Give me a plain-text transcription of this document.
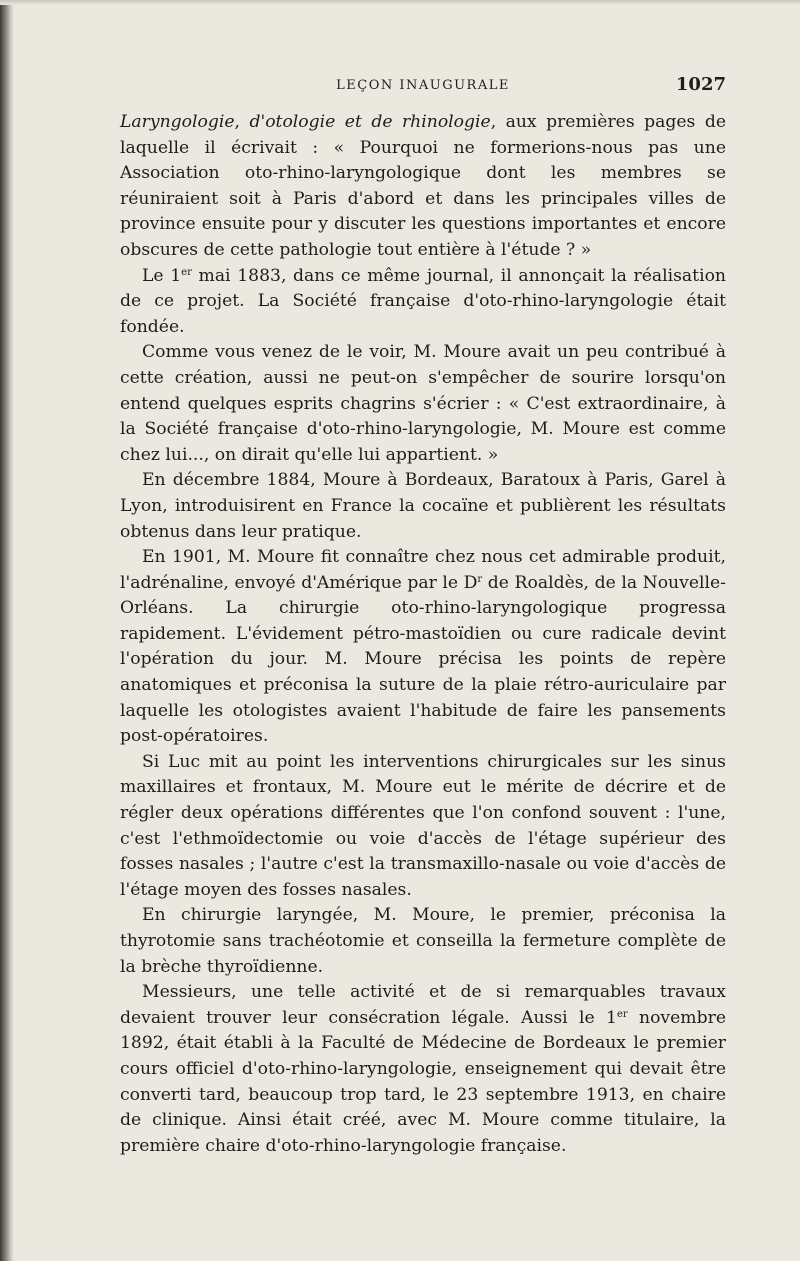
LEÇON INAUGURALE	1027

Laryngologie, d'otologie et de rhinologie, aux premières pages de laquelle il écrivait : « Pourquoi ne formerions-nous pas une Association oto-rhino-laryngologique dont les membres se réuniraient soit à Paris d'abord et dans les principales villes de province ensuite pour y discuter les questions importantes et encore obscures de cette pathologie tout entière à l'étude ? »

Le 1er mai 1883, dans ce même journal, il annonçait la réalisation de ce projet. La Société française d'oto-rhino-laryngologie était fondée.

Comme vous venez de le voir, M. Moure avait un peu contribué à cette création, aussi ne peut-on s'empêcher de sourire lorsqu'on entend quelques esprits chagrins s'écrier : « C'est extraordinaire, à la Société française d'oto-rhino-laryngologie, M. Moure est comme chez lui..., on dirait qu'elle lui appartient. »

En décembre 1884, Moure à Bordeaux, Baratoux à Paris, Garel à Lyon, introduisirent en France la cocaïne et publièrent les résultats obtenus dans leur pratique.

En 1901, M. Moure fit connaître chez nous cet admirable produit, l'adrénaline, envoyé d'Amérique par le $D^r$ de Roaldès, de la Nouvelle-Orléans. La chirurgie oto-rhino-laryngologique progressa rapidement. L'évidement pétro-mastoïdien ou cure radicale devint l'opération du jour. M. Moure précisa les points de repère anatomiques et préconisa la suture de la plaie rétro-auriculaire par laquelle les otologistes avaient l'habitude de faire les pansements post-opératoires.

Si Luc mit au point les interventions chirurgicales sur les sinus maxillaires et frontaux, M. Moure eut le mérite de décrire et de régler deux opérations différentes que l'on confond souvent : l'une, c'est l'ethmoïdectomie ou voie d'accès de l'étage supérieur des fosses nasales ; l'autre c'est la transmaxillo-nasale ou voie d'accès de l'étage moyen des fosses nasales.

En chirurgie laryngée, M. Moure, le premier, préconisa la thyrotomie sans trachéotomie et conseilla la fermeture complète de la brèche thyroïdienne.

Messieurs, une telle activité et de si remarquables travaux devaient trouver leur consécration légale. Aussi le 1er novembre 1892, était établi à la Faculté de Médecine de Bordeaux le premier cours officiel d'oto-rhino-laryngologie, enseignement qui devait être converti tard, beaucoup trop tard, le 23 septembre 1913, en chaire de clinique. Ainsi était créé, avec M. Moure comme titulaire, la première chaire d'oto-rhino-laryngologie française.
